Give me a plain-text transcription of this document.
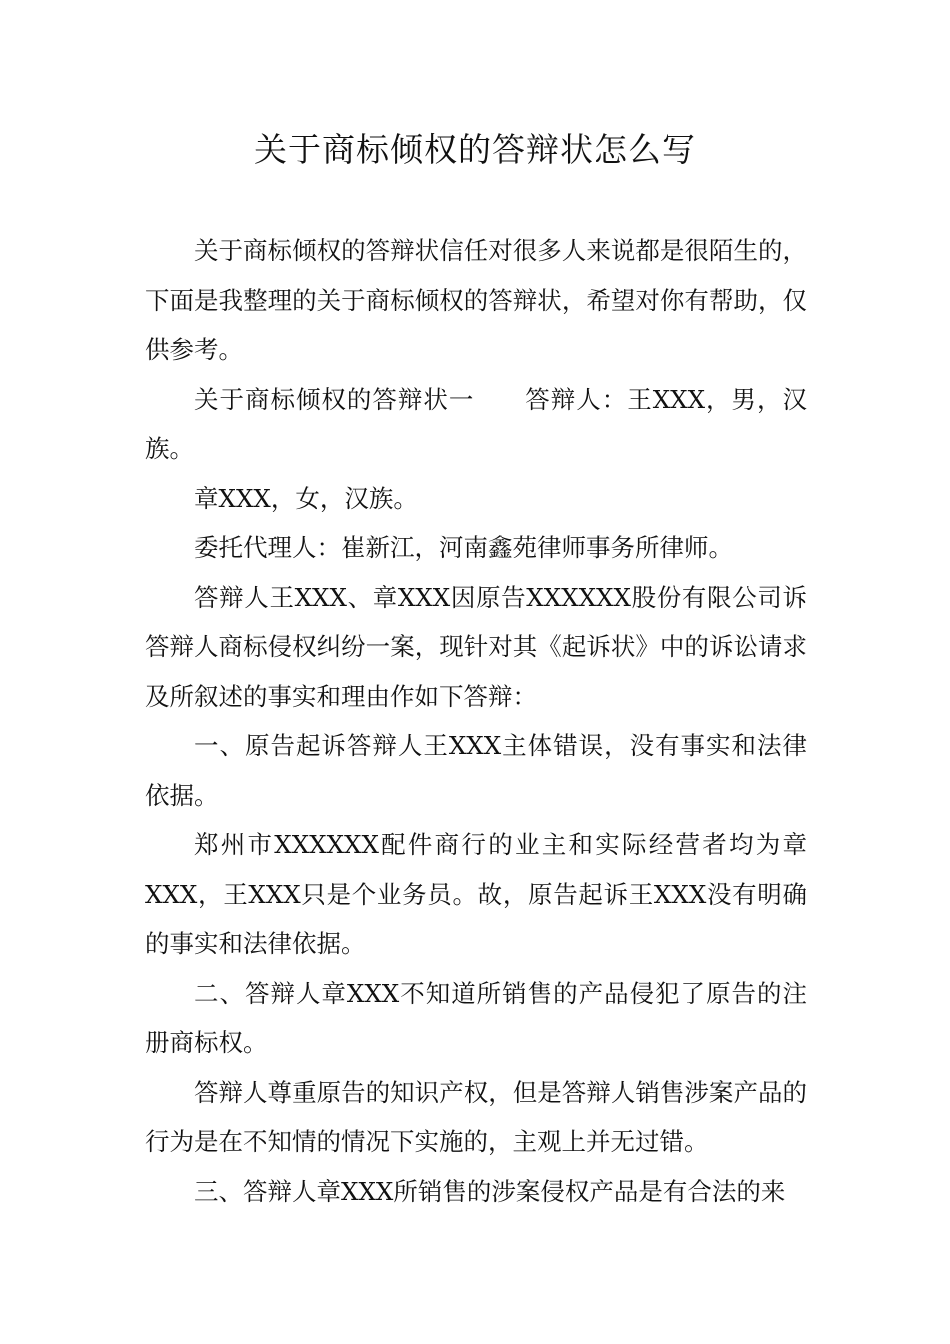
关于商标倾权的答辩状怎么写

关于商标倾权的答辩状信任对很多人来说都是很陌生的，下面是我整理的关于商标倾权的答辩状，希望对你有帮助，仅供参考。

关于商标倾权的答辩状一　　答辩人：王XXX，男，汉族。

章XXX，女，汉族。

委托代理人：崔新江，河南鑫苑律师事务所律师。

答辩人王XXX、章XXX因原告XXXXXX股份有限公司诉答辩人商标侵权纠纷一案，现针对其《起诉状》中的诉讼请求及所叙述的事实和理由作如下答辩：

一、原告起诉答辩人王XXX主体错误，没有事实和法律依据。

郑州市XXXXXX配件商行的业主和实际经营者均为章XXX，王XXX只是个业务员。故，原告起诉王XXX没有明确的事实和法律依据。

二、答辩人章XXX不知道所销售的产品侵犯了原告的注册商标权。

答辩人尊重原告的知识产权，但是答辩人销售涉案产品的行为是在不知情的情况下实施的，主观上并无过错。

三、答辩人章XXX所销售的涉案侵权产品是有合法的来
